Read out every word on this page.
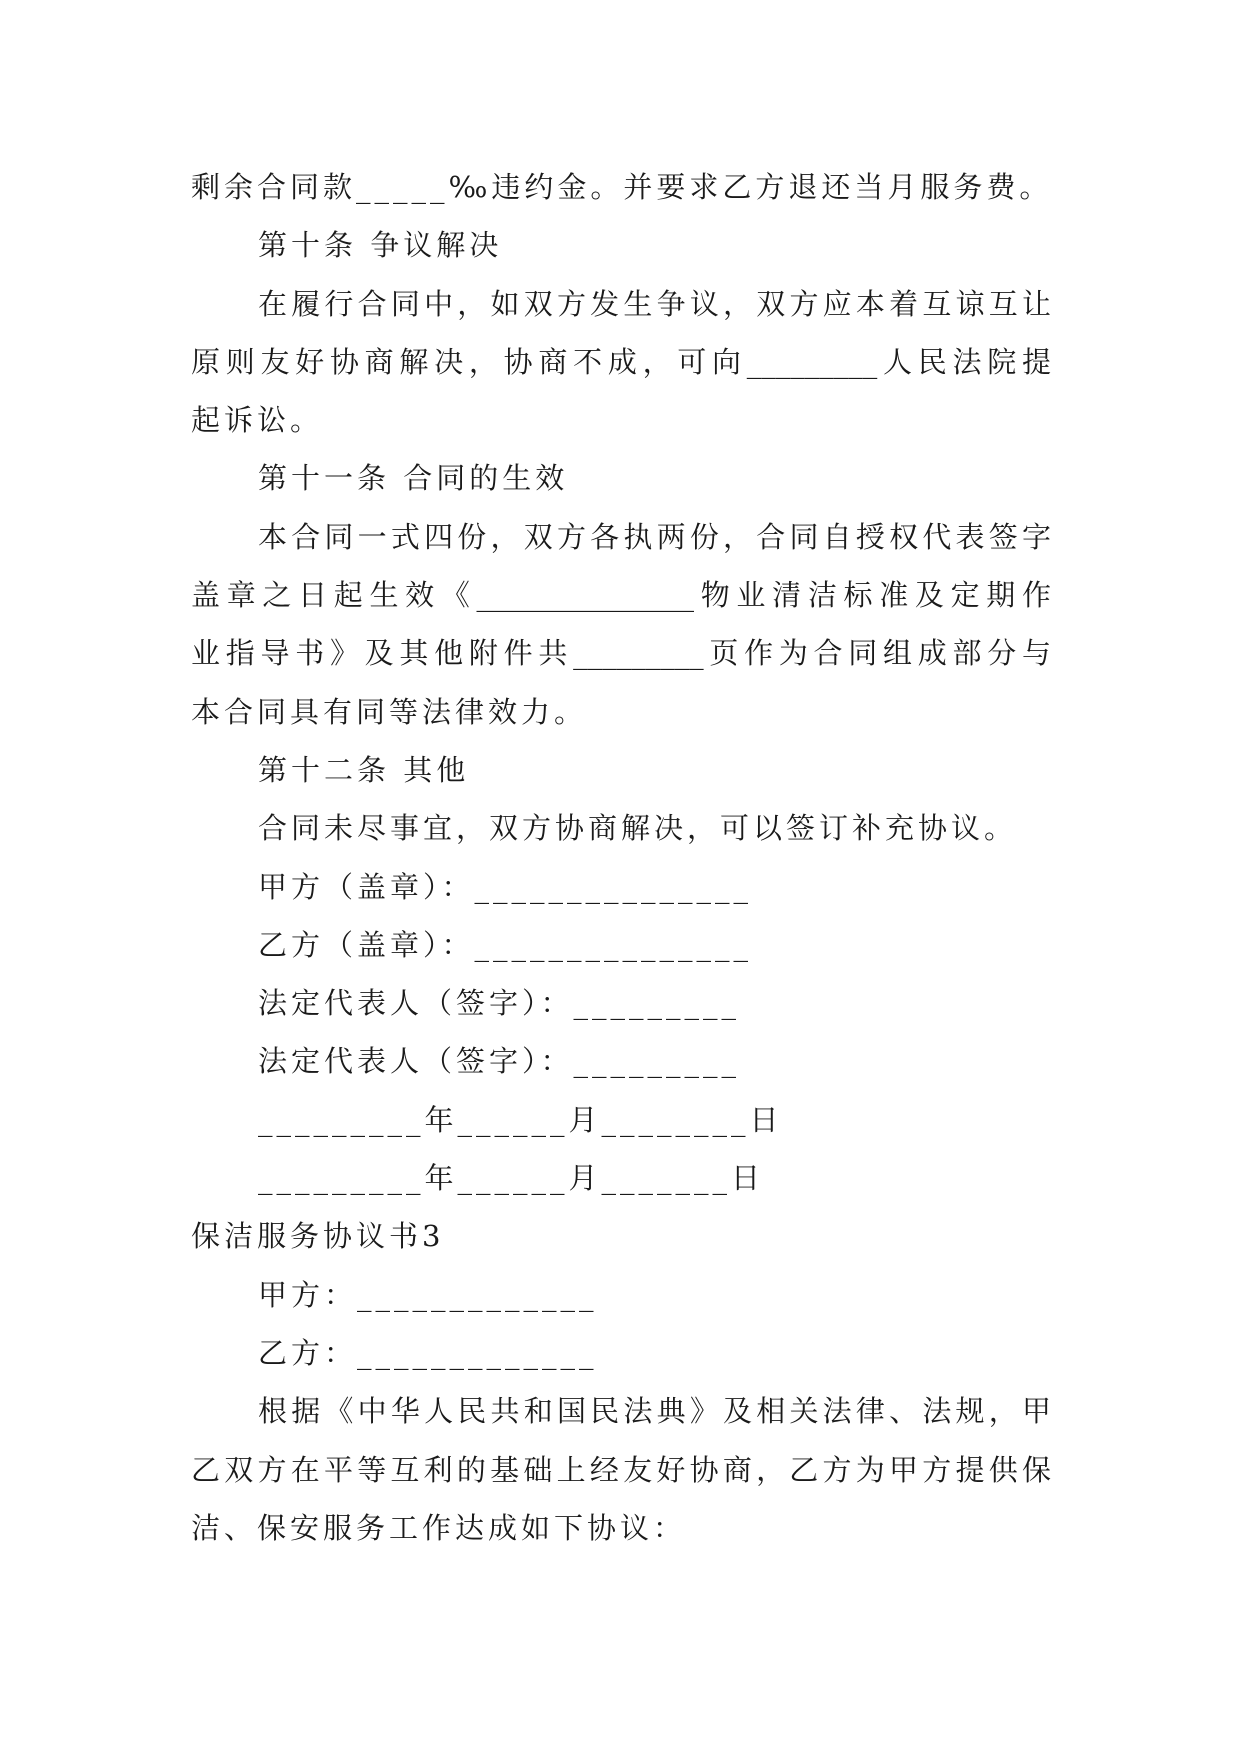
剩余合同款_____‰违约金。并要求乙方退还当月服务费。
第十条 争议解决
在履行合同中，如双方发生争议，双方应本着互谅互让
原则友好协商解决，协商不成，可向_________人民法院提
起诉讼。
第十一条 合同的生效
本合同一式四份，双方各执两份，合同自授权代表签字
盖章之日起生效《_______________物业清洁标准及定期作
业指导书》及其他附件共_________页作为合同组成部分与
本合同具有同等法律效力。
第十二条 其他
合同未尽事宜，双方协商解决，可以签订补充协议。
甲方（盖章）：_______________
乙方（盖章）：_______________
法定代表人（签字）：_________
法定代表人（签字）：_________
_________年______月________日
_________年______月_______日
保洁服务协议书3
甲方：_____________
乙方：_____________
根据《中华人民共和国民法典》及相关法律、法规，甲
乙双方在平等互利的基础上经友好协商，乙方为甲方提供保
洁、保安服务工作达成如下协议：
